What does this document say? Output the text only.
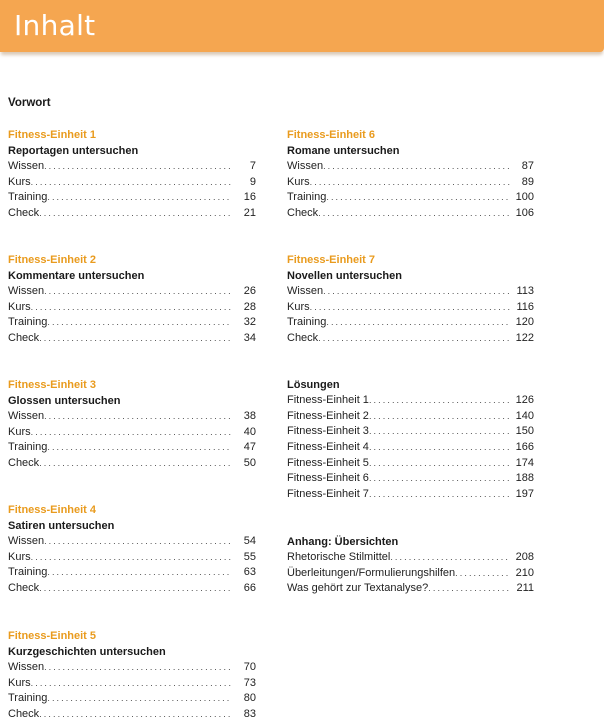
Inhalt
Vorwort
Fitness-Einheit 1
Reportagen untersuchen
Wissen . . .	7
Kurs . . .	9
Training . . .	16
Check . . .	21
Fitness-Einheit 2
Kommentare untersuchen
Wissen . . .	26
Kurs . . .	28
Training . . .	32
Check . . .	34
Fitness-Einheit 3
Glossen untersuchen
Wissen . . .	38
Kurs . . .	40
Training . . .	47
Check . . .	50
Fitness-Einheit 4
Satiren untersuchen
Wissen . . .	54
Kurs . . .	55
Training . . .	63
Check . . .	66
Fitness-Einheit 5
Kurzgeschichten untersuchen
Wissen . . .	70
Kurs . . .	73
Training . . .	80
Check . . .	83
Fitness-Einheit 6
Romane untersuchen
Wissen . . .	87
Kurs . . .	89
Training . . .	100
Check . . .	106
Fitness-Einheit 7
Novellen untersuchen
Wissen . . .	113
Kurs . . .	116
Training . . .	120
Check . . .	122
Lösungen
Fitness-Einheit 1 . . .	126
Fitness-Einheit 2 . . .	140
Fitness-Einheit 3 . . .	150
Fitness-Einheit 4 . . .	166
Fitness-Einheit 5 . . .	174
Fitness-Einheit 6 . . .	188
Fitness-Einheit 7 . . .	197
Anhang: Übersichten
Rhetorische Stilmittel . . .	208
Überleitungen/Formulierungshilfen . . .	210
Was gehört zur Textanalyse? . . .	211
